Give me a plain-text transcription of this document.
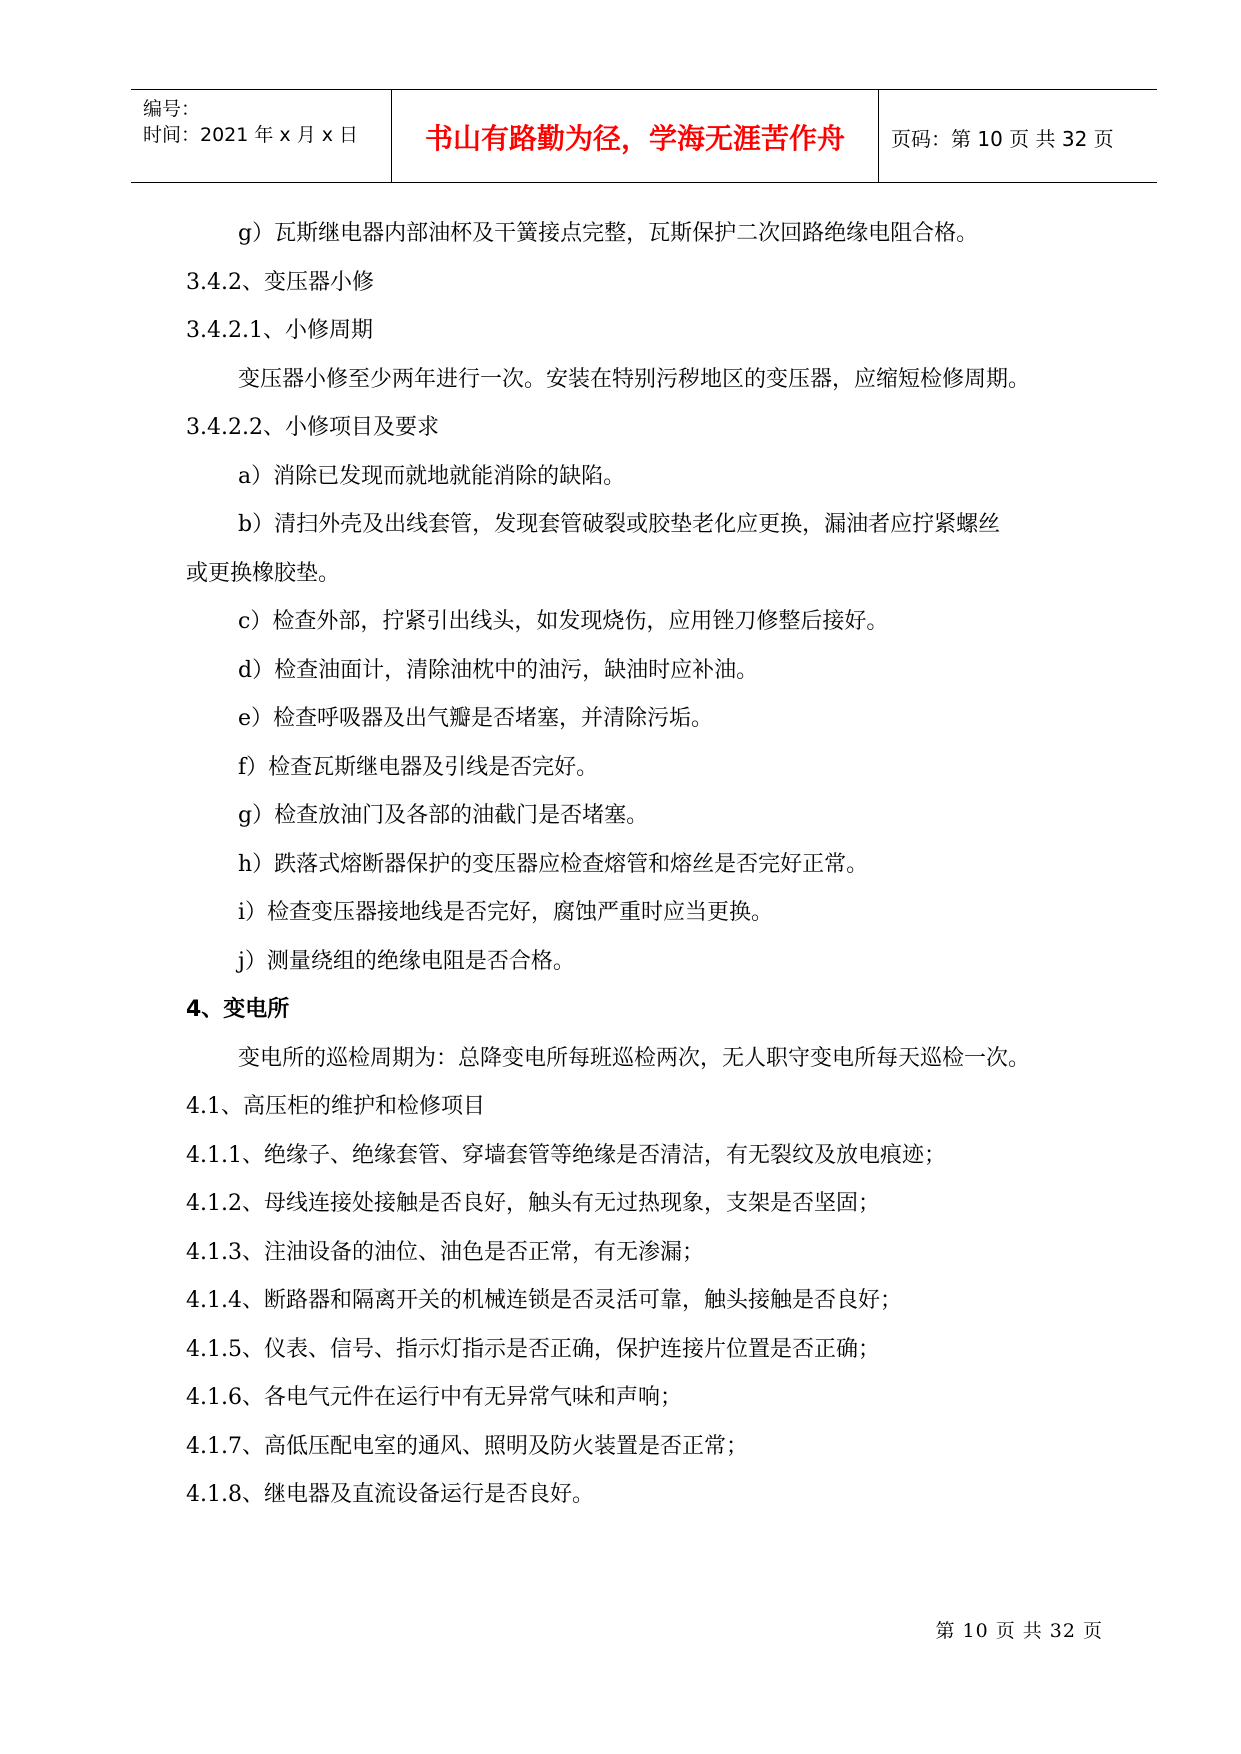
编号：
时间：2021 年 x 月 x 日 书山有路勤为径，学海无涯苦作舟 页码：第 10 页 共 32 页
g）瓦斯继电器内部油杯及干簧接点完整，瓦斯保护二次回路绝缘电阻合格。
3.4.2、变压器小修
3.4.2.1、小修周期
变压器小修至少两年进行一次。安装在特别污秽地区的变压器，应缩短检修周期。
3.4.2.2、小修项目及要求
a）消除已发现而就地就能消除的缺陷。
b）清扫外壳及出线套管，发现套管破裂或胶垫老化应更换，漏油者应拧紧螺丝
或更换橡胶垫。
c）检查外部，拧紧引出线头，如发现烧伤，应用锉刀修整后接好。
d）检查油面计，清除油枕中的油污，缺油时应补油。
e）检查呼吸器及出气瓣是否堵塞，并清除污垢。
f）检查瓦斯继电器及引线是否完好。
g）检查放油门及各部的油截门是否堵塞。
h）跌落式熔断器保护的变压器应检查熔管和熔丝是否完好正常。
i）检查变压器接地线是否完好，腐蚀严重时应当更换。
j）测量绕组的绝缘电阻是否合格。
4、变电所
变电所的巡检周期为：总降变电所每班巡检两次，无人职守变电所每天巡检一次。
4.1、高压柜的维护和检修项目
4.1.1、绝缘子、绝缘套管、穿墙套管等绝缘是否清洁，有无裂纹及放电痕迹；
4.1.2、母线连接处接触是否良好，触头有无过热现象，支架是否坚固；
4.1.3、注油设备的油位、油色是否正常，有无渗漏；
4.1.4、断路器和隔离开关的机械连锁是否灵活可靠，触头接触是否良好；
4.1.5、仪表、信号、指示灯指示是否正确，保护连接片位置是否正确；
4.1.6、各电气元件在运行中有无异常气味和声响；
4.1.7、高低压配电室的通风、照明及防火装置是否正常；
4.1.8、继电器及直流设备运行是否良好。
第 10 页 共 32 页
